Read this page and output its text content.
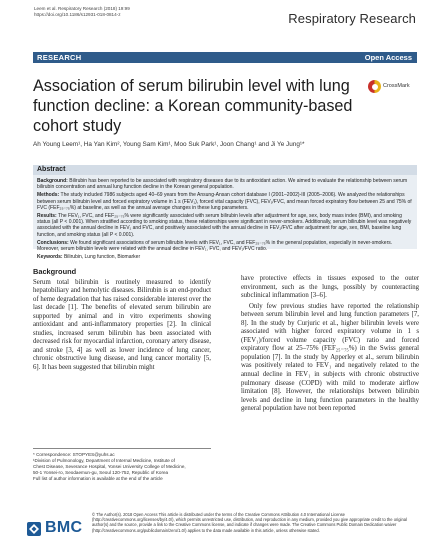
Leem et al. Respiratory Research (2018) 19:99
https://doi.org/10.1186/s12931-018-0814-z	Respiratory Research
RESEARCH	Open Access
Association of serum bilirubin level with lung function decline: a Korean community-based cohort study
CrossMark
Ah Young Leem¹, Ha Yan Kim², Young Sam Kim¹, Moo Suk Park¹, Joon Chang¹ and Ji Ye Jung¹*
Abstract

Background: Bilirubin has been reported to be associated with respiratory diseases due to its antioxidant action. We aimed to evaluate the relationship between serum bilirubin concentration and annual lung function decline in the Korean general population.

Methods: The study included 7986 subjects aged 40–69 years from the Ansung-Ansan cohort database I (2001–2002)-III (2005–2006). We analyzed the relationships between serum bilirubin level and forced expiratory volume in 1 s (FEV₁), forced vital capacity (FVC), FEV₁/FVC, and mean forced expiratory flow between 25 and 75% of FVC (FEF₂₅₋₇₅%) at baseline, as well as the annual average changes in these lung parameters.

Results: The FEV₁, FVC, and FEF₂₅₋₇₅% were significantly associated with serum bilirubin levels after adjustment for age, sex, body mass index (BMI), and smoking status (all P < 0.001). When stratified according to smoking status, these relationships were significant in never-smokers. Additionally, serum bilirubin level was negatively associated with the annual decline in FEV₁ and FVC, and positively associated with the annual decline in FEV₁/FVC after adjustment for age, sex, BMI, baseline lung function, and smoking status (all P < 0.001).

Conclusions: We found significant associations of serum bilirubin levels with FEV₁, FVC, and FEF₂₅₋₇₅% in the general population, especially in never-smokers. Moreover, serum bilirubin levels were related with the annual decline in FEV₁, FVC, and FEV₁/FVC ratio.

Keywords: Bilirubin, Lung function, Biomarker

Background

Serum total bilirubin is routinely measured to identify hepatobiliary and hemolytic diseases. Bilirubin is an end-product of heme degradation that has raised considerable interest over the last decade [1]. The benefits of elevated serum bilirubin are supported by animal and in vitro experiments showing antioxidant and anti-inflammatory properties [2]. In clinical studies, increased serum bilirubin has been associated with decreased risk for myocardial infarction, coronary artery disease, and stroke [3, 4] as well as lower incidence of lung cancer, chronic obstructive lung disease, and lung cancer mortality [5, 6]. It has been suggested that bilirubin might

have protective effects in tissues exposed to the outer environment, such as the lungs, possibly by counteracting subclinical inflammation [3–6].

Only few previous studies have reported the relationship between serum bilirubin level and lung function parameters [7, 8]. In the study by Curjuric et al., higher bilirubin levels were associated with higher forced expiratory volume in 1 s (FEV₁)/forced volume capacity (FVC) ratio and forced expiratory flow at 25–75% (FEF₂₅₋₇₅%) in the Swiss general population [7]. In the study by Apperley et al., serum bilirubin was positively related to FEV₁ and negatively related to the annual decline in FEV₁ in subjects with chronic obstructive pulmonary disease (COPD) with mild to moderate airflow limitation [8]. However, the relationships between bilirubin levels and decline in lung function parameters in the healthy general population have not been reported

* Correspondence: STOPYES@yuhs.ac
¹Division of Pulmonology, Department of Internal Medicine, Institute of
Chest Disease, Severance Hospital, Yonsei University College of Medicine,
50-1 Yonsei-ro, Seodaemun-gu, Seoul 120-752, Republic of Korea
Full list of author information is available at the end of the article
BMC
© The Author(s). 2018 Open Access This article is distributed under the terms of the Creative Commons Attribution 4.0 International License (http://creativecommons.org/licenses/by/4.0/), which permits unrestricted use, distribution, and reproduction in any medium, provided you give appropriate credit to the original author(s) and the source, provide a link to the Creative Commons license, and indicate if changes were made. The Creative Commons Public Domain Dedication waiver (http://creativecommons.org/publicdomain/zero/1.0/) applies to the data made available in this article, unless otherwise stated.
